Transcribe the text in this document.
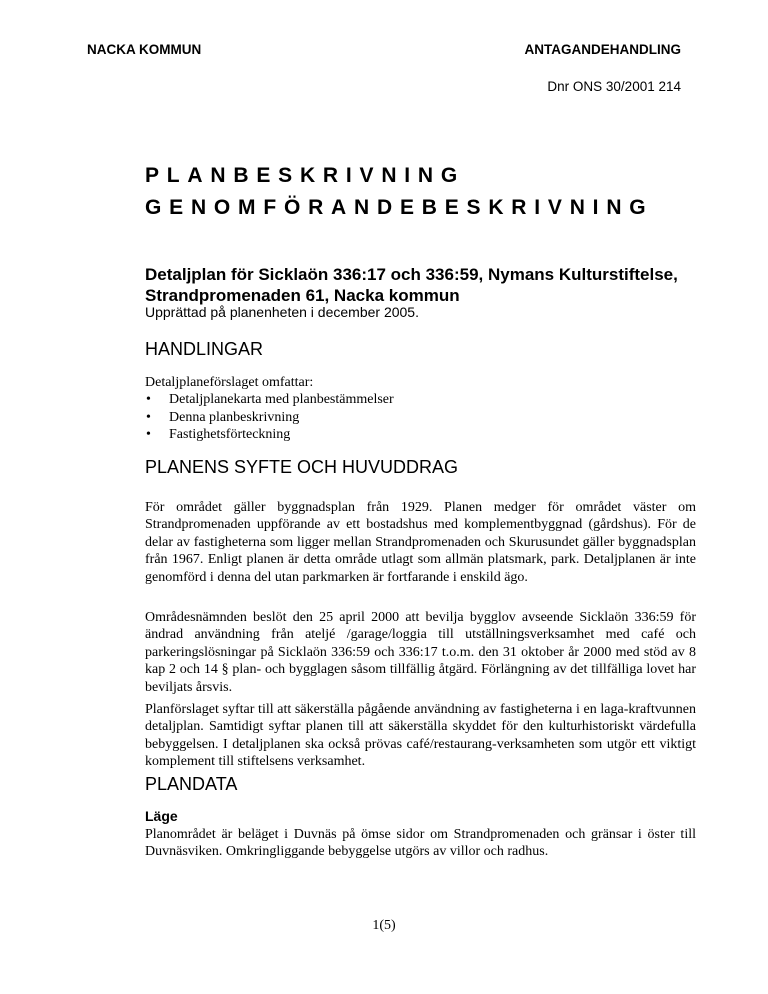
NACKA KOMMUN	ANTAGANDEHANDLING
Dnr ONS 30/2001 214
PLANBESKRIVNING
GENOMFÖRANDEBESKRIVNING
Detaljplan för Sicklaön 336:17 och 336:59, Nymans Kulturstiftelse, Strandpromenaden 61, Nacka kommun
Upprättad på planenheten i december 2005.
HANDLINGAR
Detaljplaneförslaget omfattar:
• Detaljplanekarta med planbestämmelser
• Denna planbeskrivning
• Fastighetsförteckning
PLANENS SYFTE OCH HUVUDDRAG
För området gäller byggnadsplan från 1929. Planen medger för området väster om Strandpromenaden uppförande av ett bostadshus med komplementbyggnad (gårdshus). För de delar av fastigheterna som ligger mellan Strandpromenaden och Skurusundet gäller byggnadsplan från 1967. Enligt planen är detta område utlagt som allmän platsmark, park. Detaljplanen är inte genomförd i denna del utan parkmarken är fortfarande i enskild ägo.
Områdesnämnden beslöt den 25 april 2000 att bevilja bygglov avseende Sicklaön 336:59 för ändrad användning från ateljé /garage/loggia till utställningsverksamhet med café och parkeringslösningar på Sicklaön 336:59 och 336:17 t.o.m. den 31 oktober år 2000 med stöd av 8 kap 2 och 14 § plan- och bygglagen såsom tillfällig åtgärd. Förlängning av det tillfälliga lovet har beviljats årsvis.
Planförslaget syftar till att säkerställa pågående användning av fastigheterna i en laga-kraftvunnen detaljplan. Samtidigt syftar planen till att säkerställa skyddet för den kulturhistoriskt värdefulla bebyggelsen. I detaljplanen ska också prövas café/restaurang-verksamheten som utgör ett viktigt komplement till stiftelsens verksamhet.
PLANDATA
Läge
Planområdet är beläget i Duvnäs på ömse sidor om Strandpromenaden och gränsar i öster till Duvnäsviken. Omkringliggande bebyggelse utgörs av villor och radhus.
1(5)
